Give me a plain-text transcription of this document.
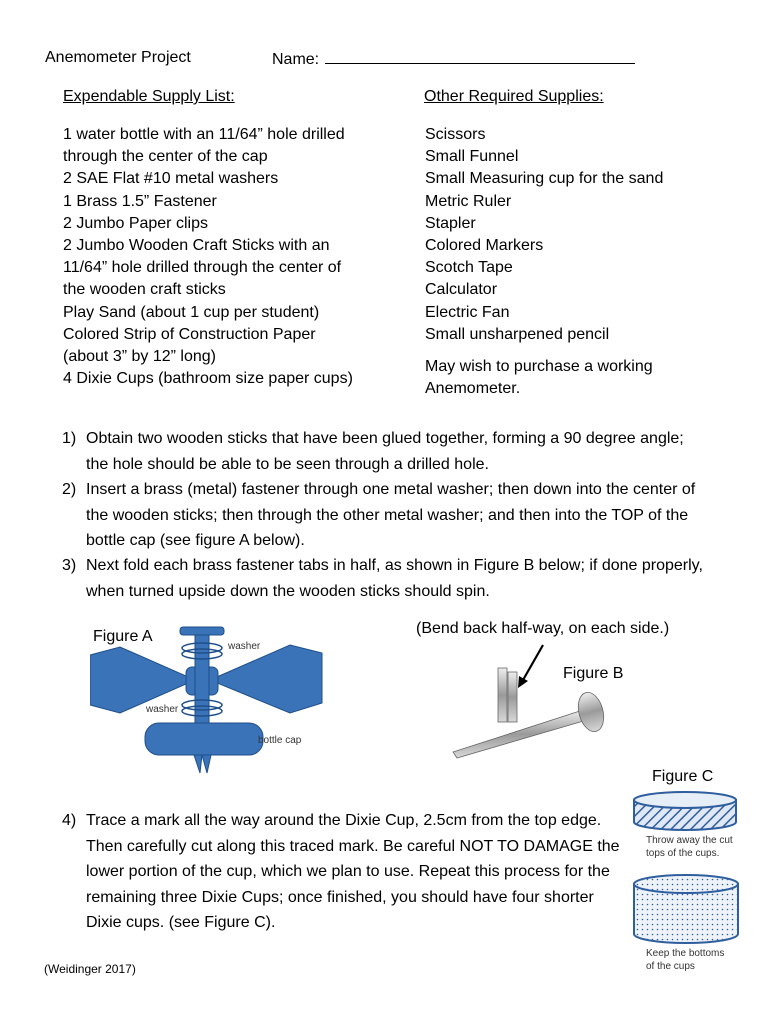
Anemometer Project	Name:
Expendable Supply List:	Other Required Supplies:
1 water bottle with an 11/64” hole drilled
through the center of the cap
2 SAE Flat #10 metal washers
1 Brass 1.5” Fastener
2 Jumbo Paper clips
2 Jumbo Wooden Craft Sticks with an
11/64” hole drilled through the center of
the wooden craft sticks
Play Sand (about 1 cup per student)
Colored Strip of Construction Paper
(about 3” by 12” long)
4 Dixie Cups (bathroom size paper cups)
Scissors
Small Funnel
Small Measuring cup for the sand
Metric Ruler
Stapler
Colored Markers
Scotch Tape
Calculator
Electric Fan
Small unsharpened pencil
May wish to purchase a working
Anemometer.
1) Obtain two wooden sticks that have been glued together, forming a 90 degree angle;
the hole should be able to be seen through a drilled hole.
2) Insert a brass (metal) fastener through one metal washer; then down into the center of
the wooden sticks; then through the other metal washer; and then into the TOP of the
bottle cap (see figure A below).
3) Next fold each brass fastener tabs in half, as shown in Figure B below; if done properly,
when turned upside down the wooden sticks should spin.
Figure A
washer
washer
bottle cap
(Bend back half-way, on each side.)
Figure B
Figure C
Throw away the cut
tops of the cups.
Keep the bottoms
of the cups
4) Trace a mark all the way around the Dixie Cup, 2.5cm from the top edge.
Then carefully cut along this traced mark. Be careful NOT TO DAMAGE the
lower portion of the cup, which we plan to use. Repeat this process for the
remaining three Dixie Cups; once finished, you should have four shorter
Dixie cups. (see Figure C).
(Weidinger 2017)
